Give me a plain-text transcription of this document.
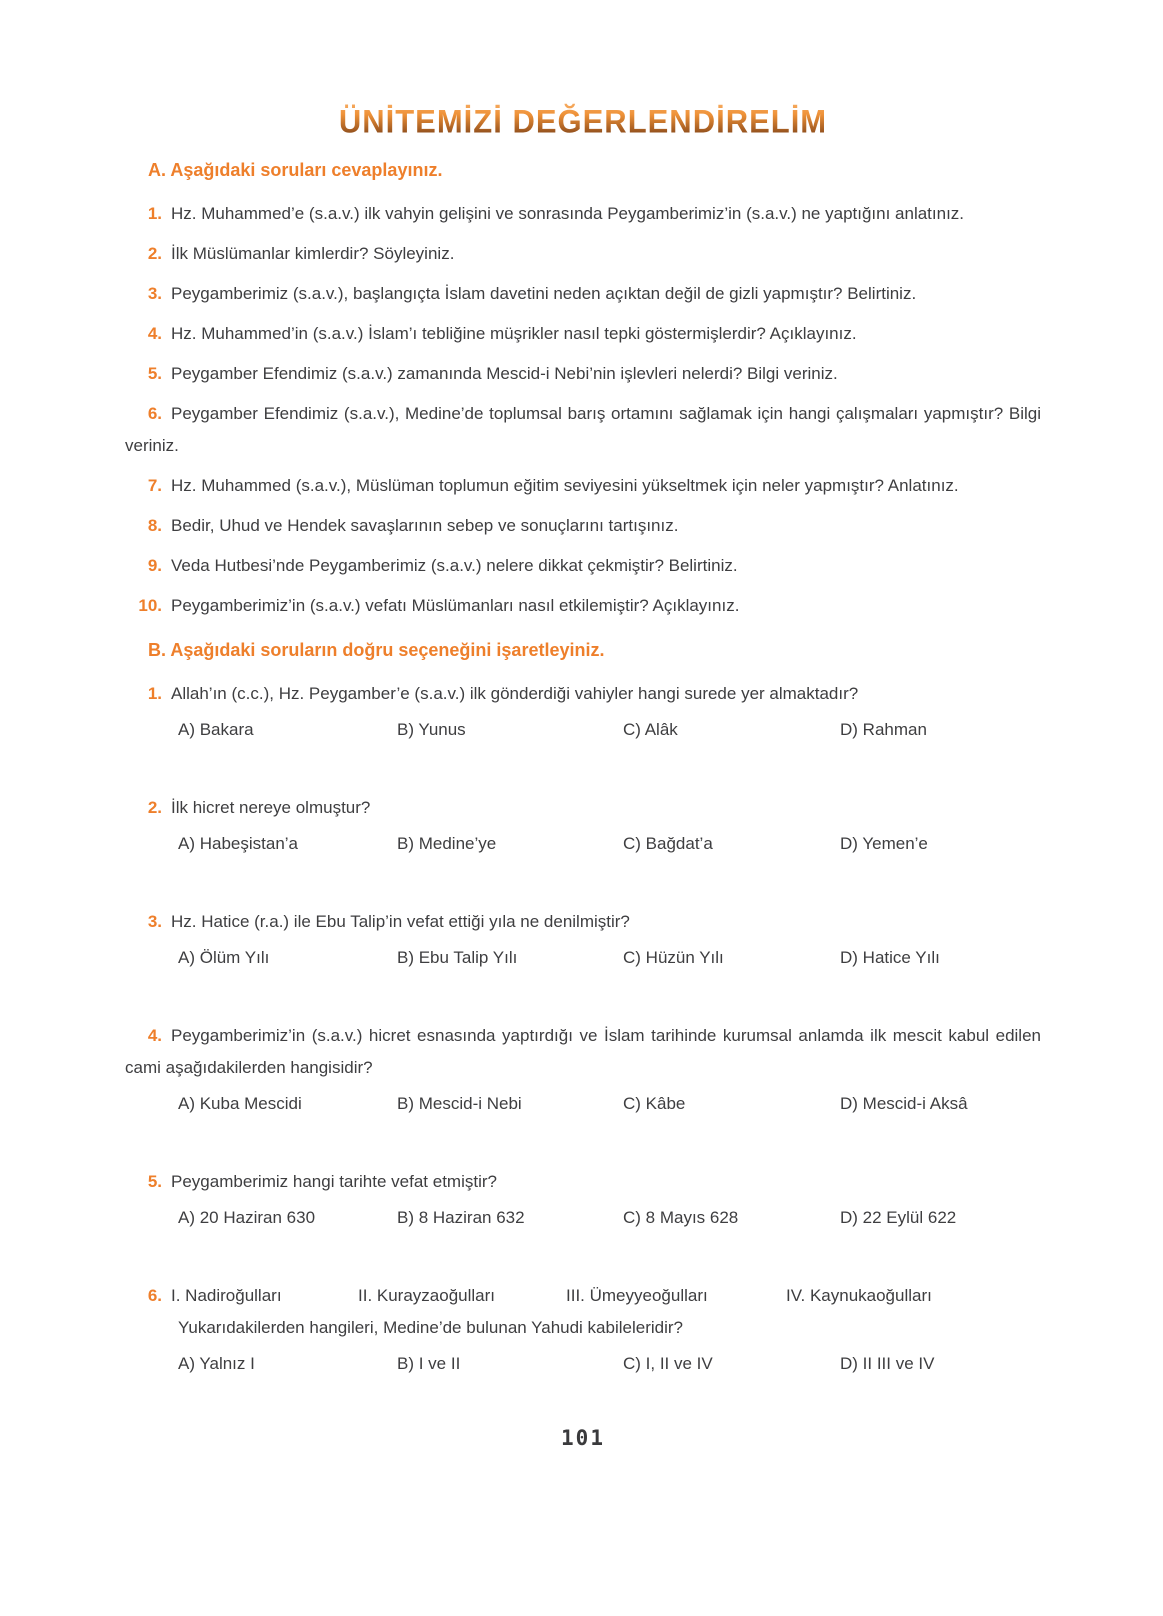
ÜNİTEMİZİ DEĞERLENDİRELİM
A. Aşağıdaki soruları cevaplayınız.
1. Hz. Muhammed’e (s.a.v.) ilk vahyin gelişini ve sonrasında Peygamberimiz’in (s.a.v.) ne yaptığını anlatınız.
2. İlk Müslümanlar kimlerdir? Söyleyiniz.
3. Peygamberimiz (s.a.v.), başlangıçta İslam davetini neden açıktan değil de gizli yapmıştır? Belirtiniz.
4. Hz. Muhammed’in (s.a.v.) İslam’ı tebliğine müşrikler nasıl tepki göstermişlerdir? Açıklayınız.
5. Peygamber Efendimiz (s.a.v.) zamanında Mescid-i Nebi’nin işlevleri nelerdi? Bilgi veriniz.
6. Peygamber Efendimiz (s.a.v.), Medine’de toplumsal barış ortamını sağlamak için hangi çalışmaları yapmıştır? Bilgi veriniz.
7. Hz. Muhammed (s.a.v.), Müslüman toplumun eğitim seviyesini yükseltmek için neler yapmıştır? Anlatınız.
8. Bedir, Uhud ve Hendek savaşlarının sebep ve sonuçlarını tartışınız.
9. Veda Hutbesi’nde Peygamberimiz (s.a.v.) nelere dikkat çekmiştir? Belirtiniz.
10. Peygamberimiz’in (s.a.v.) vefatı Müslümanları nasıl etkilemiştir? Açıklayınız.
B. Aşağıdaki soruların doğru seçeneğini işaretleyiniz.
1. Allah’ın (c.c.), Hz. Peygamber’e (s.a.v.) ilk gönderdiği vahiyler hangi surede yer almaktadır?
A) Bakara	B) Yunus	C) Alâk	D) Rahman
2. İlk hicret nereye olmuştur?
A) Habeşistan’a	B) Medine’ye	C) Bağdat’a	D) Yemen’e
3. Hz. Hatice (r.a.) ile Ebu Talip’in vefat ettiği yıla ne denilmiştir?
A) Ölüm Yılı	B) Ebu Talip Yılı	C) Hüzün Yılı	D) Hatice Yılı
4. Peygamberimiz’in (s.a.v.) hicret esnasında yaptırdığı ve İslam tarihinde kurumsal anlamda ilk mescit kabul edilen cami aşağıdakilerden hangisidir?
A) Kuba Mescidi	B) Mescid-i Nebi	C) Kâbe	D) Mescid-i Aksâ
5. Peygamberimiz hangi tarihte vefat etmiştir?
A) 20 Haziran 630	B) 8 Haziran 632	C) 8 Mayıs 628	D) 22 Eylül 622
6. I. Nadiroğulları	II. Kurayzaoğulları	III. Ümeyyeoğulları	IV. Kaynukaoğulları
Yukarıdakilerden hangileri, Medine’de bulunan Yahudi kabileleridir?
A) Yalnız I	B) I ve II	C) I, II ve IV	D) II III ve IV
101
